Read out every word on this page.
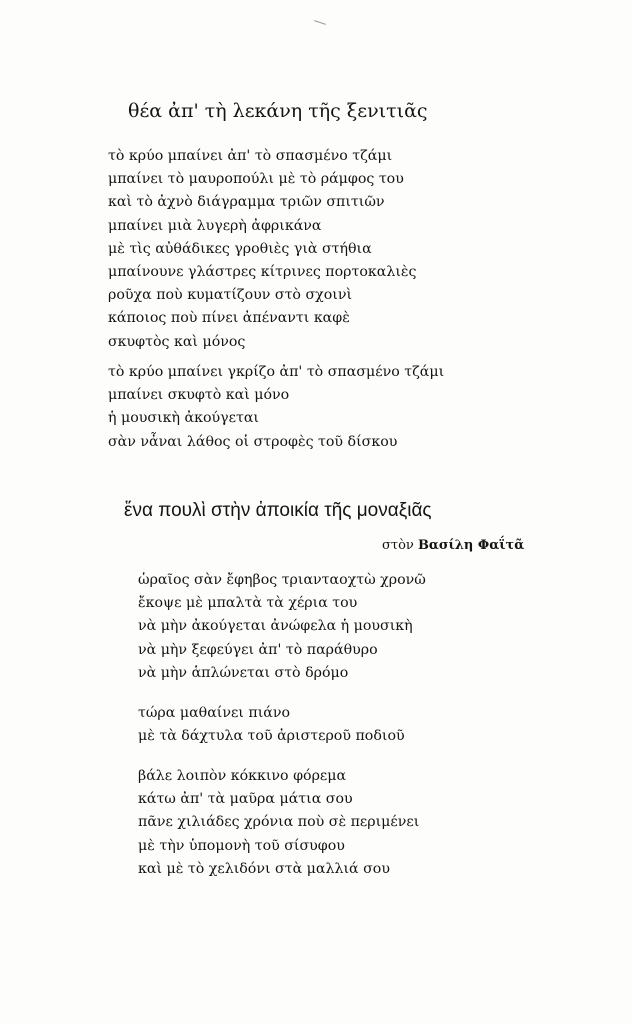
θέα ἀπ' τὴ λεκάνη τῆς ξενιτιᾶς
τὸ κρύο μπαίνει ἀπ' τὸ σπασμένο τζάμι
μπαίνει τὸ μαυροπούλι μὲ τὸ ράμφος του
καὶ τὸ ἀχνὸ διάγραμμα τριῶν σπιτιῶν
μπαίνει μιὰ λυγερὴ ἀφρικάνα
μὲ τὶς αὐθάδικες γροθιὲς γιὰ στήθια
μπαίνουνε γλάστρες κίτρινες πορτοκαλιὲς
ροῦχα ποὺ κυματίζουν στὸ σχοινὶ
κάποιος ποὺ πίνει ἀπέναντι καφὲ
σκυφτὸς καὶ μόνος
τὸ κρύο μπαίνει γκρίζο ἀπ' τὸ σπασμένο τζάμι
μπαίνει σκυφτὸ καὶ μόνο
ἡ μουσικὴ ἀκούγεται
σὰν νἆναι λάθος οἱ στροφὲς τοῦ δίσκου
ἕνα πουλὶ στὴν ἀποικία τῆς μοναξιᾶς
στὸν Βασίλη Φαΐτᾶ
ὡραῖος σὰν ἔφηβος τριανταοχτὼ χρονῶ
ἔκοψε μὲ μπαλτὰ τὰ χέρια του
νὰ μὴν ἀκούγεται ἀνώφελα ἡ μουσικὴ
νὰ μὴν ξεφεύγει ἀπ' τὸ παράθυρο
νὰ μὴν ἁπλώνεται στὸ δρόμο
τώρα μαθαίνει πιάνο
μὲ τὰ δάχτυλα τοῦ ἀριστεροῦ ποδιοῦ
βάλε λοιπὸν κόκκινο φόρεμα
κάτω ἀπ' τὰ μαῦρα μάτια σου
πᾶνε χιλιάδες χρόνια ποὺ σὲ περιμένει
μὲ τὴν ὑπομονὴ τοῦ σίσυφου
καὶ μὲ τὸ χελιδόνι στὰ μαλλιά σου
